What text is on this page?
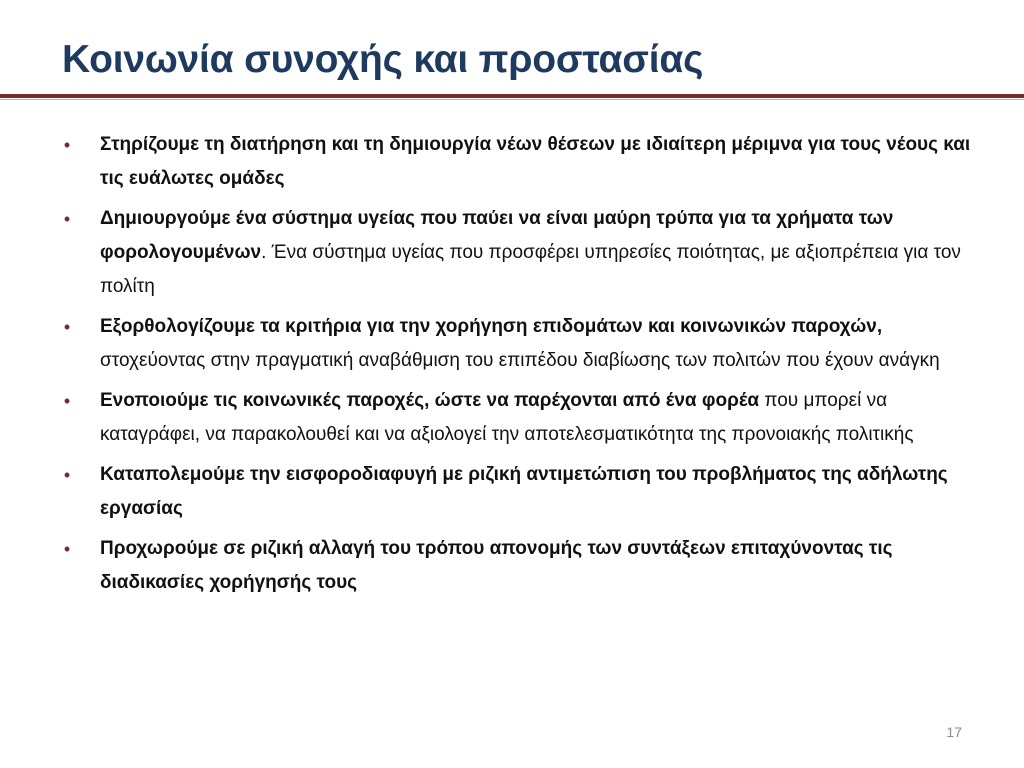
Κοινωνία συνοχής και προστασίας
• Στηρίζουμε τη διατήρηση και τη δημιουργία νέων θέσεων με ιδιαίτερη μέριμνα για τους νέους και τις ευάλωτες ομάδες
• Δημιουργούμε ένα σύστημα υγείας που παύει να είναι μαύρη τρύπα για τα χρήματα των φορολογουμένων. Ένα σύστημα υγείας που προσφέρει υπηρεσίες ποιότητας, με αξιοπρέπεια για τον πολίτη
• Εξορθολογίζουμε τα κριτήρια για την χορήγηση επιδομάτων και κοινωνικών παροχών, στοχεύοντας στην πραγματική αναβάθμιση του επιπέδου διαβίωσης των πολιτών που έχουν ανάγκη
• Ενοποιούμε τις κοινωνικές παροχές, ώστε να παρέχονται από ένα φορέα που μπορεί να καταγράφει, να παρακολουθεί και να αξιολογεί την αποτελεσματικότητα της προνοιακής πολιτικής
• Καταπολεμούμε την εισφοροδιαφυγή με ριζική αντιμετώπιση του προβλήματος της αδήλωτης εργασίας
• Προχωρούμε σε ριζική αλλαγή του τρόπου απονομής των συντάξεων επιταχύνοντας τις διαδικασίες χορήγησής τους
17
